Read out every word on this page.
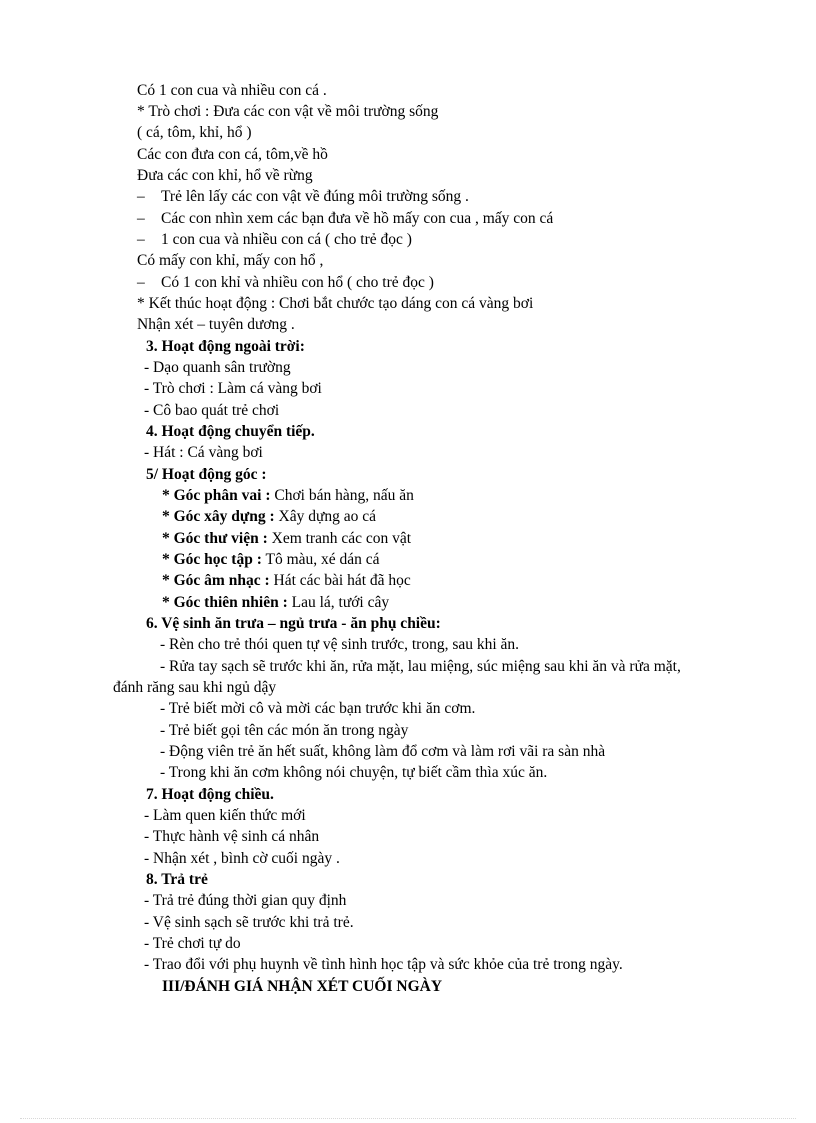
Có 1 con cua và nhiều con cá .
* Trò chơi : Đưa các con vật về môi trường sống
( cá, tôm, khỉ, hổ )
Các con đưa con cá, tôm,về hồ
Đưa các con khỉ, hổ về rừng
– Trẻ lên lấy các con vật về đúng môi trường sống .
– Các con nhìn xem các bạn đưa về hồ mấy con cua , mấy con cá
– 1 con cua và nhiều con cá ( cho trẻ đọc )
Có mấy con khỉ, mấy con hổ ,
– Có 1 con khỉ và nhiều con hổ ( cho trẻ đọc )
* Kết thúc hoạt động : Chơi bắt chước tạo dáng con cá vàng bơi
Nhận xét – tuyên dương .
3. Hoạt động ngoài trời:
- Dạo quanh sân trường
- Trò chơi : Làm cá vàng bơi
- Cô bao quát trẻ chơi
4. Hoạt động chuyển tiếp.
- Hát : Cá vàng bơi
5/ Hoạt động góc :
* Góc phân vai : Chơi bán hàng, nấu ăn
* Góc xây dựng : Xây dựng ao cá
* Góc thư viện : Xem tranh các con vật
* Góc học tập : Tô màu, xé dán cá
* Góc âm nhạc : Hát các bài hát đã học
* Góc thiên nhiên : Lau lá, tưới cây
6. Vệ sinh ăn trưa – ngủ trưa - ăn phụ chiều:
- Rèn cho trẻ thói quen tự vệ sinh trước, trong, sau khi ăn.
- Rửa tay sạch sẽ trước khi ăn, rửa mặt, lau miệng, súc miệng sau khi ăn và rửa mặt,
đánh răng sau khi ngủ dậy
- Trẻ biết mời cô và mời các bạn trước khi ăn cơm.
- Trẻ biết gọi tên các món ăn trong ngày
- Động viên trẻ ăn hết suất, không làm đổ cơm và làm rơi vãi ra sàn nhà
- Trong khi ăn cơm không nói chuyện, tự biết cầm thìa xúc ăn.
7. Hoạt động chiều.
- Làm quen kiến thức mới
- Thực hành vệ sinh cá nhân
- Nhận xét , bình cờ cuối ngày .
8. Trả trẻ
- Trả trẻ đúng thời gian quy định
- Vệ sinh sạch sẽ trước khi trả trẻ.
- Trẻ chơi tự do
- Trao đổi với phụ huynh về tình hình học tập và sức khỏe của trẻ trong ngày.
III/ĐÁNH GIÁ NHẬN XÉT CUỐI NGÀY
